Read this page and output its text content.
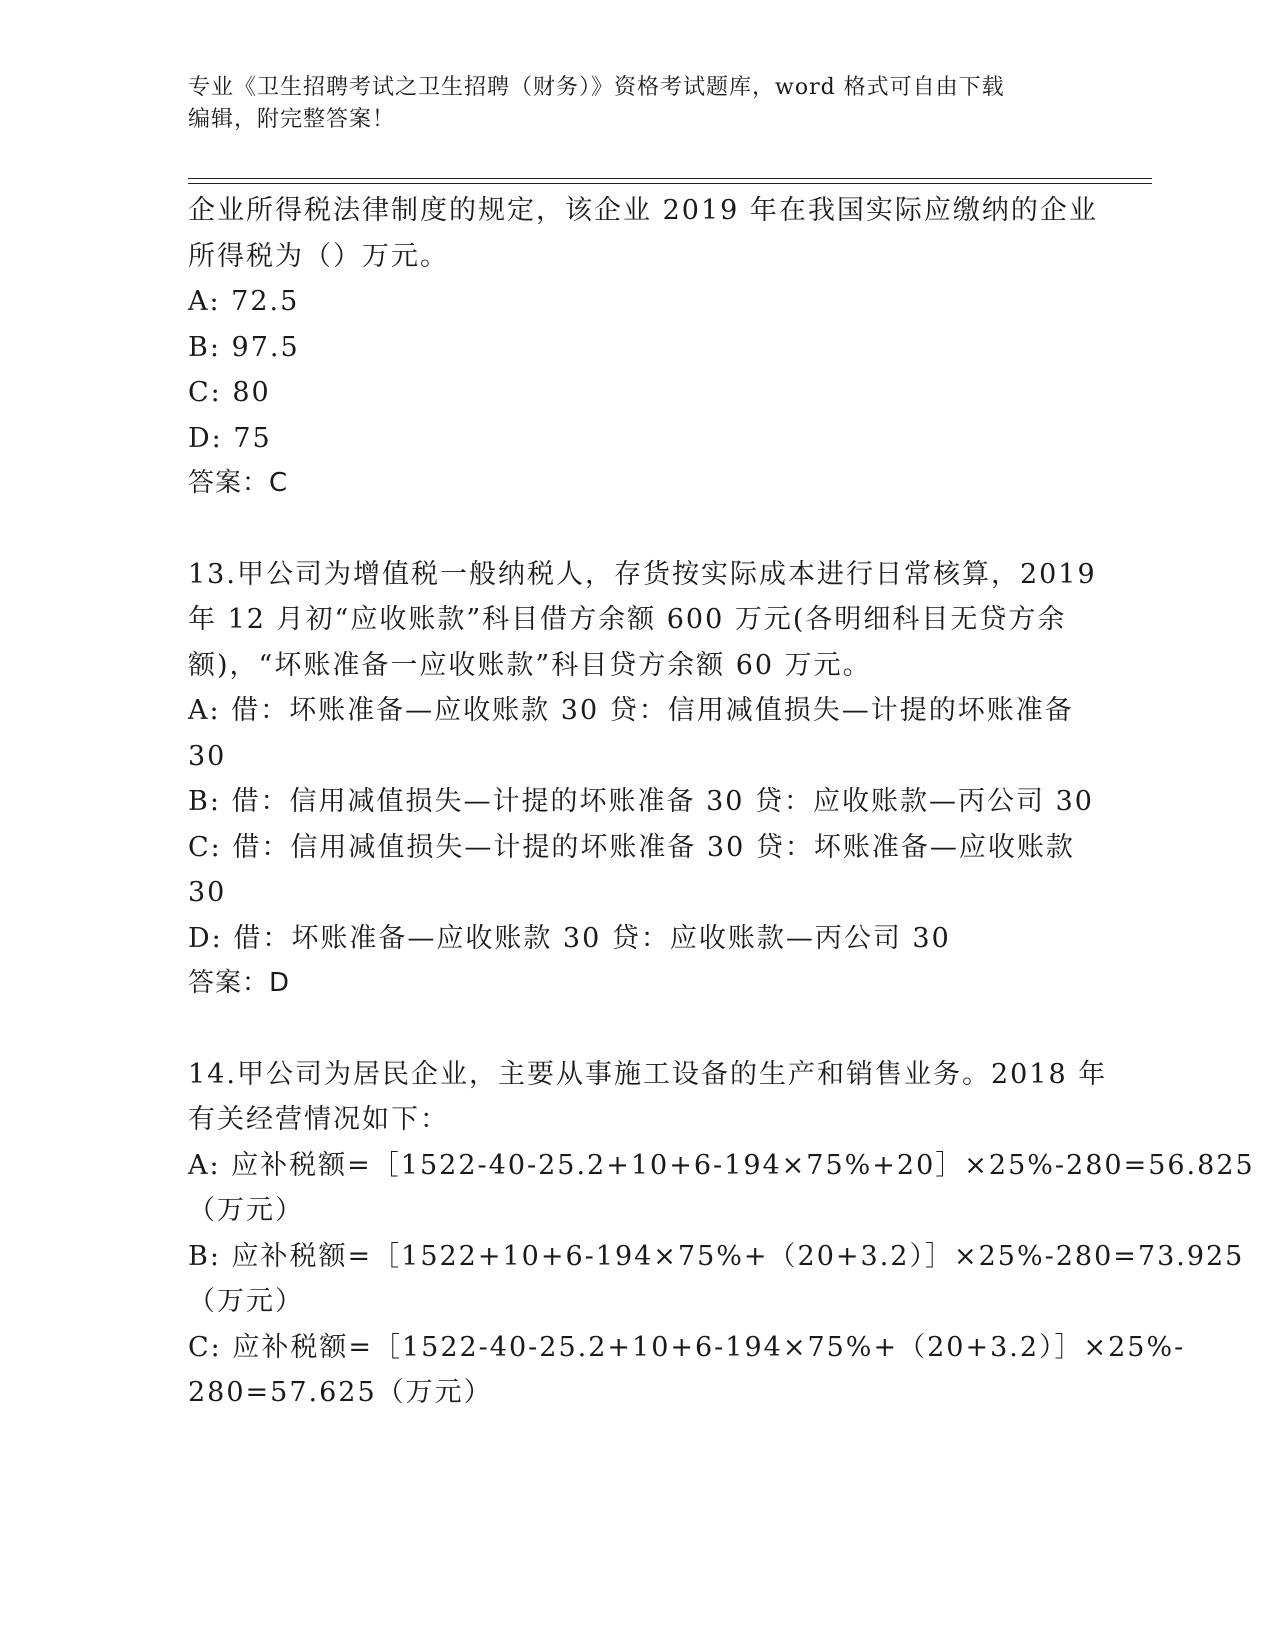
专业《卫生招聘考试之卫生招聘（财务）》资格考试题库，word 格式可自由下载
编辑，附完整答案！
企业所得税法律制度的规定，该企业 2019 年在我国实际应缴纳的企业
所得税为（）万元。
A: 72.5
B: 97.5
C: 80
D: 75
答案：C
13.甲公司为增值税一般纳税人，存货按实际成本进行日常核算，2019
年 12 月初“应收账款”科目借方余额 600 万元(各明细科目无贷方余
额)，“坏账准备一应收账款”科目贷方余额 60 万元。
A: 借：坏账准备—应收账款 30 贷：信用减值损失—计提的坏账准备
30
B: 借：信用减值损失—计提的坏账准备 30 贷：应收账款—丙公司 30
C: 借：信用减值损失—计提的坏账准备 30 贷：坏账准备—应收账款
30
D: 借：坏账准备—应收账款 30 贷：应收账款—丙公司 30
答案：D
14.甲公司为居民企业，主要从事施工设备的生产和销售业务。2018 年
有关经营情况如下：
A: 应补税额=［1522-40-25.2+10+6-194×75%+20］×25%-280=56.825
（万元）
B: 应补税额=［1522+10+6-194×75%+（20+3.2）］×25%-280=73.925
（万元）
C: 应补税额=［1522-40-25.2+10+6-194×75%+（20+3.2）］×25%-
280=57.625（万元）
